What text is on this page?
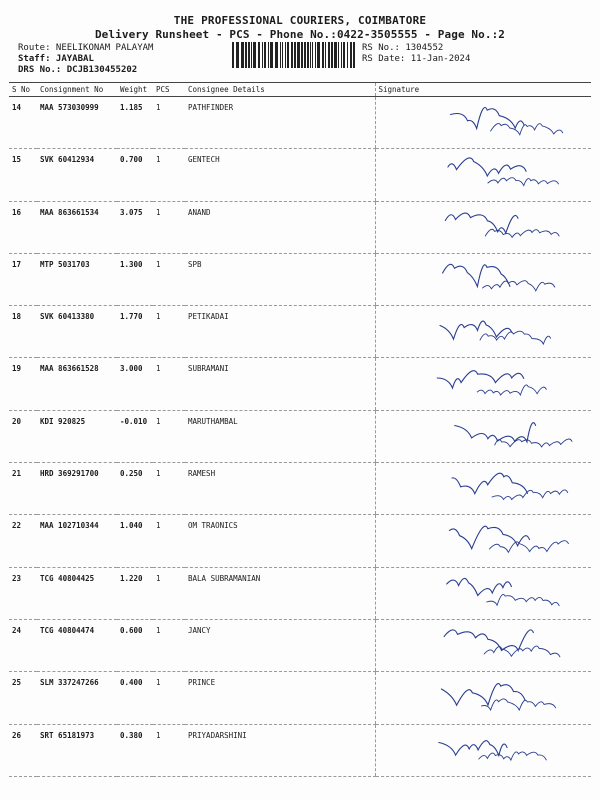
THE PROFESSIONAL COURIERS, COIMBATORE
Delivery Runsheet - PCS - Phone No.:0422-3505555 - Page No.:2
Route: NEELIKONAM PALAYAM
Staff: JAYABAL
DRS No.: DCJB130455202
RS No.: 1304552
RS Date: 11-Jan-2024
S No	Consignment No	Weight	PCS	Consignee Details	Signature
14	MAA 573030999	1.185	1	PATHFINDER	

15	SVK 60412934	0.700	1	GENTECH	

16	MAA 863661534	3.075	1	ANAND	

17	MTP 5031703	1.300	1	SPB	

18	SVK 60413380	1.770	1	PETIKADAI	

19	MAA 863661528	3.000	1	SUBRAMANI	

20	KDI 920825	-0.010	1	MARUTHAMBAL	

21	HRD 369291700	0.250	1	RAMESH	

22	MAA 102710344	1.040	1	OM TRAONICS	

23	TCG 40804425	1.220	1	BALA SUBRAMANIAN	

24	TCG 40804474	0.600	1	JANCY	

25	SLM 337247266	0.400	1	PRINCE	

26	SRT 65181973	0.380	1	PRIYADARSHINI	
